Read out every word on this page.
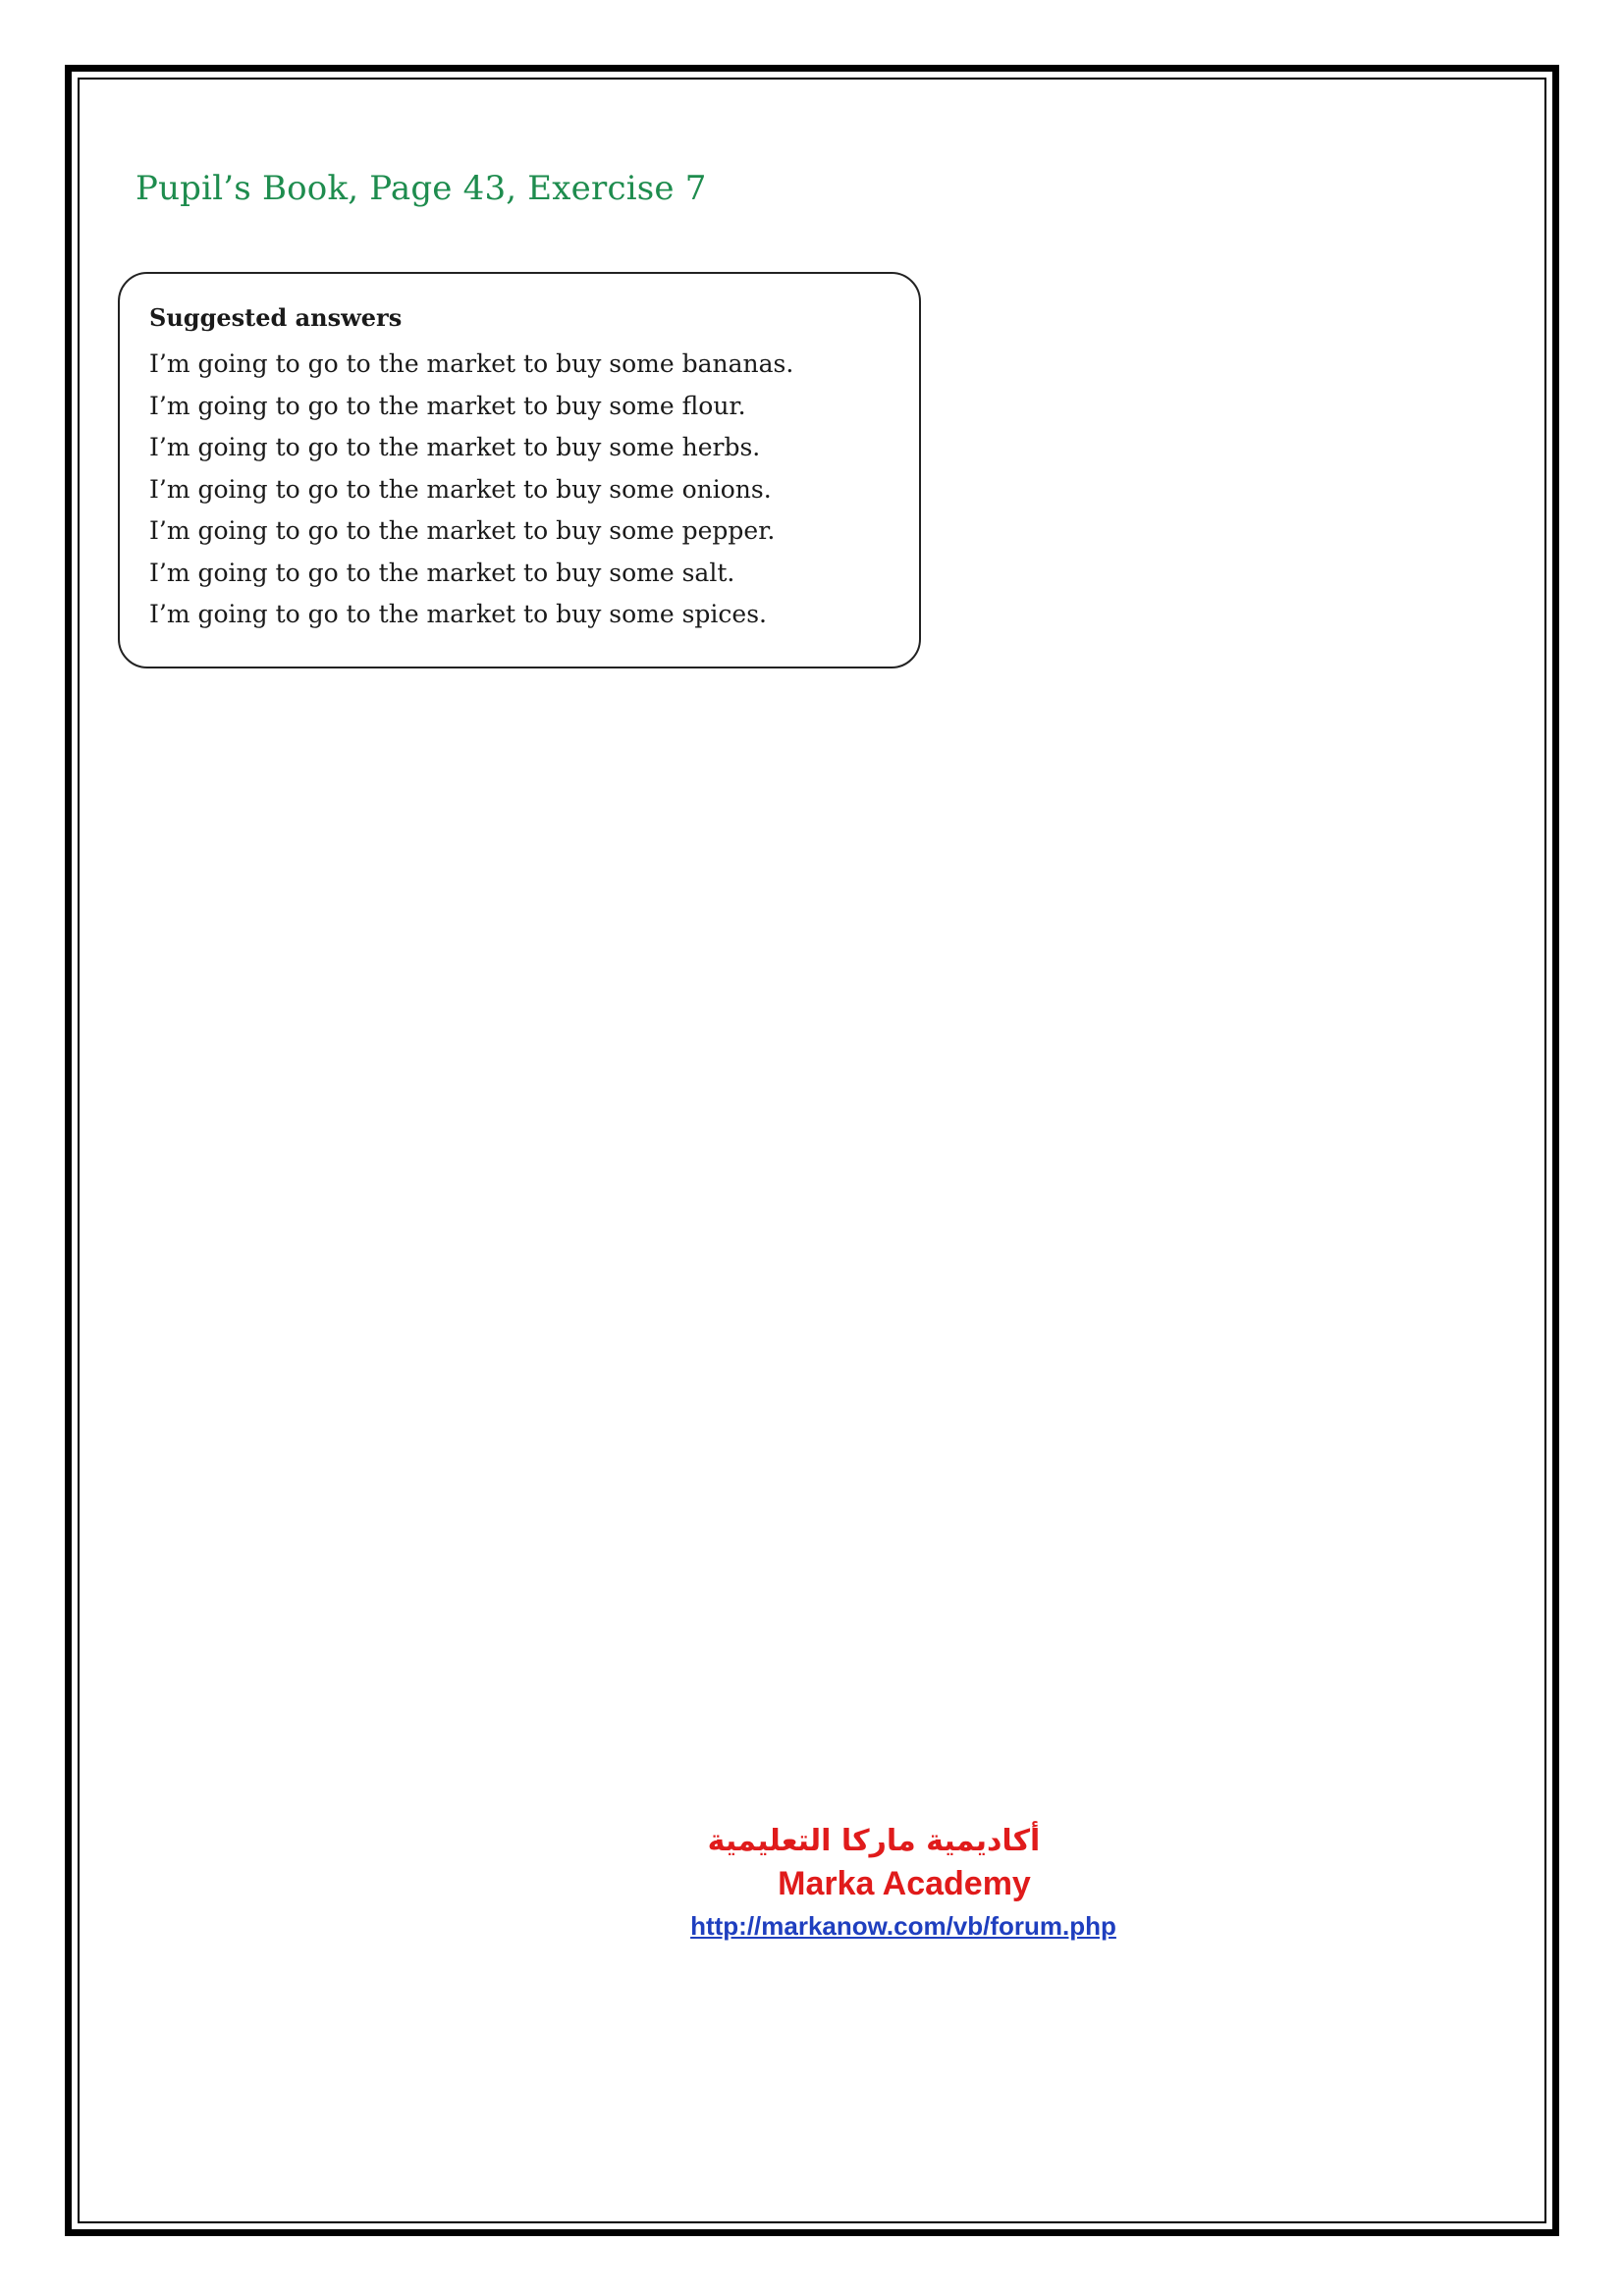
Pupil’s Book, Page 43, Exercise 7
Suggested answers
I’m going to go to the market to buy some bananas.
I’m going to go to the market to buy some flour.
I’m going to go to the market to buy some herbs.
I’m going to go to the market to buy some onions.
I’m going to go to the market to buy some pepper.
I’m going to go to the market to buy some salt.
I’m going to go to the market to buy some spices.
أكاديمية ماركا التعليمية
Marka Academy
http://markanow.com/vb/forum.php
